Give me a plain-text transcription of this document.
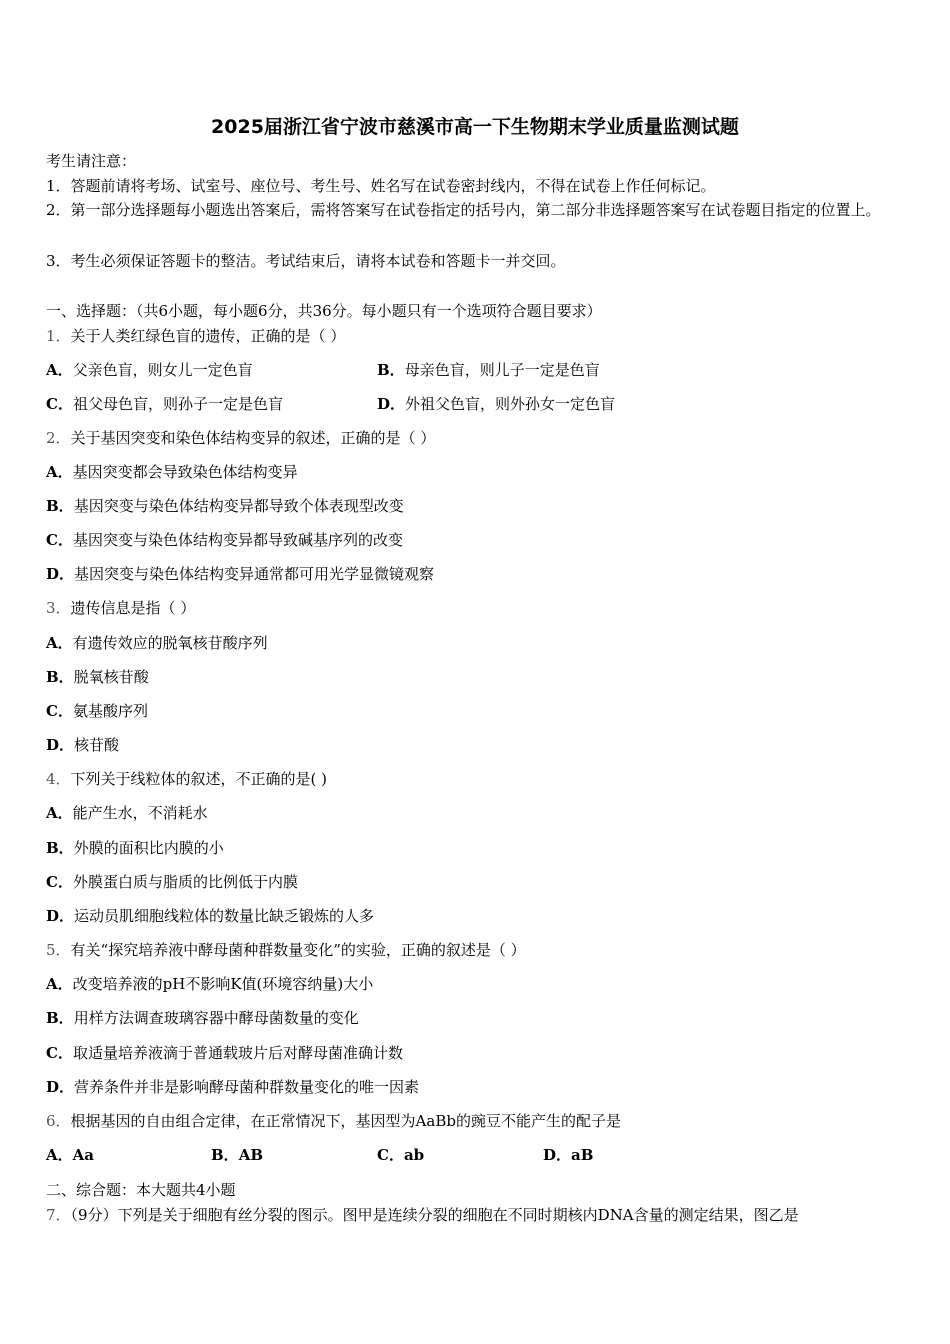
2025届浙江省宁波市慈溪市高一下生物期末学业质量监测试题
考生请注意：
1．答题前请将考场、试室号、座位号、考生号、姓名写在试卷密封线内，不得在试卷上作任何标记。
2．第一部分选择题每小题选出答案后，需将答案写在试卷指定的括号内，第二部分非选择题答案写在试卷题目指定的位置上。
3．考生必须保证答题卡的整洁。考试结束后，请将本试卷和答题卡一并交回。
一、选择题：（共6小题，每小题6分，共36分。每小题只有一个选项符合题目要求）
1．关于人类红绿色盲的遗传，正确的是（ ）
A．父亲色盲，则女儿一定色盲	B．母亲色盲，则儿子一定是色盲
C．祖父母色盲，则孙子一定是色盲	D．外祖父色盲，则外孙女一定色盲
2．关于基因突变和染色体结构变异的叙述，正确的是（ ）
A．基因突变都会导致染色体结构变异
B．基因突变与染色体结构变异都导致个体表现型改变
C．基因突变与染色体结构变异都导致碱基序列的改变
D．基因突变与染色体结构变异通常都可用光学显微镜观察
3．遗传信息是指（ ）
A．有遗传效应的脱氧核苷酸序列
B．脱氧核苷酸
C．氨基酸序列
D．核苷酸
4．下列关于线粒体的叙述，不正确的是( )
A．能产生水，不消耗水
B．外膜的面积比内膜的小
C．外膜蛋白质与脂质的比例低于内膜
D．运动员肌细胞线粒体的数量比缺乏锻炼的人多
5．有关“探究培养液中酵母菌种群数量变化”的实验，正确的叙述是（ ）
A．改变培养液的pH不影响K值(环境容纳量)大小
B．用样方法调查玻璃容器中酵母菌数量的变化
C．取适量培养液滴于普通载玻片后对酵母菌准确计数
D．营养条件并非是影响酵母菌种群数量变化的唯一因素
6．根据基因的自由组合定律，在正常情况下，基因型为AaBb的豌豆不能产生的配子是
A．Aa	B．AB	C．ab	D．aB
二、综合题：本大题共4小题
7．（9分）下列是关于细胞有丝分裂的图示。图甲是连续分裂的细胞在不同时期核内DNA含量的测定结果，图乙是
